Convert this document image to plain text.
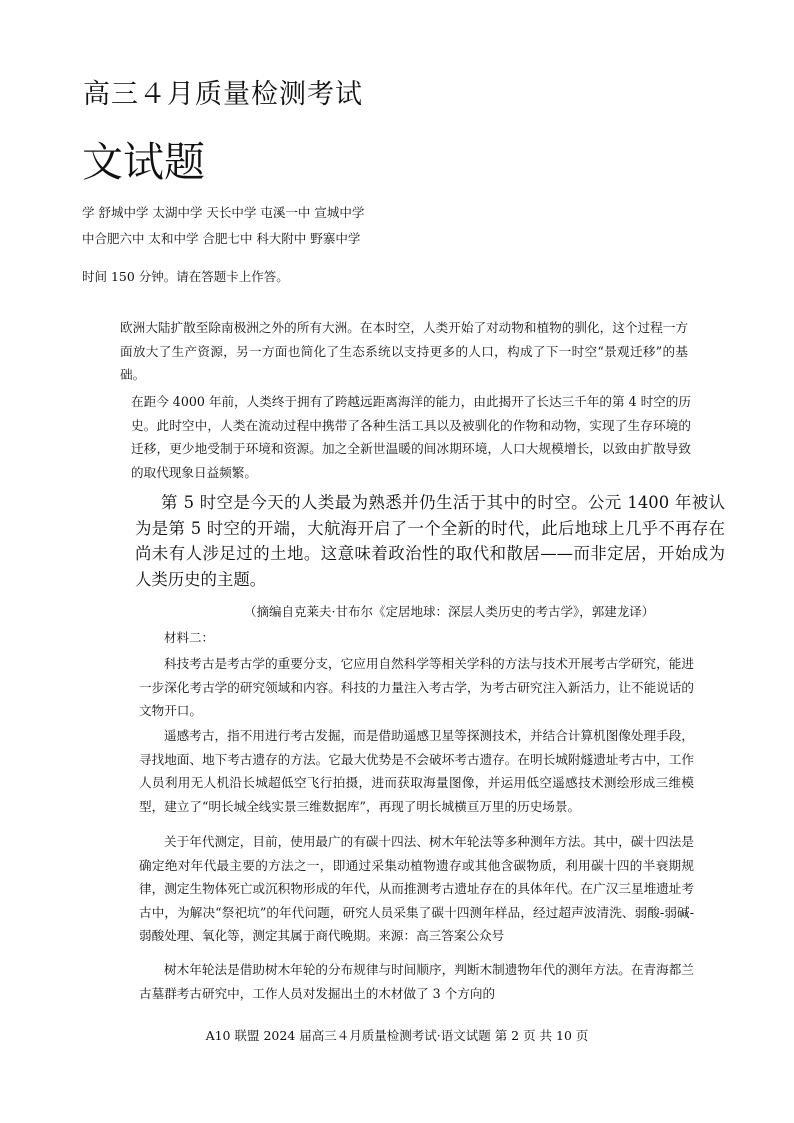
高三４月质量检测考试
文试题
学 舒城中学 太湖中学 天长中学 屯溪一中 宣城中学
中合肥六中 太和中学 合肥七中 科大附中 野寨中学
时间 150 分钟。请在答题卡上作答。
欧洲大陆扩散至除南极洲之外的所有大洲。在本时空，人类开始了对动物和植物的驯化，这个过程一方面放大了生产资源，另一方面也简化了生态系统以支持更多的人口，构成了下一时空“景观迁移”的基础。
在距今 4000 年前，人类终于拥有了跨越远距离海洋的能力，由此揭开了长达三千年的第 4 时空的历史。此时空中，人类在流动过程中携带了各种生活工具以及被驯化的作物和动物，实现了生存环境的迁移，更少地受制于环境和资源。加之全新世温暖的间冰期环境，人口大规模增长，以致由扩散导致的取代现象日益频繁。
第 5 时空是今天的人类最为熟悉并仍生活于其中的时空。公元 1400 年被认为是第 5 时空的开端，大航海开启了一个全新的时代，此后地球上几乎不再存在尚未有人涉足过的土地。这意味着政治性的取代和散居——而非定居，开始成为人类历史的主题。
（摘编自克莱夫·甘布尔《定居地球：深层人类历史的考古学》，郭建龙译）
材料二：
科技考古是考古学的重要分支，它应用自然科学等相关学科的方法与技术开展考古学研究，能进一步深化考古学的研究领域和内容。科技的力量注入考古学，为考古研究注入新活力，让不能说话的文物开口。
遥感考古，指不用进行考古发掘，而是借助遥感卫星等探测技术，并结合计算机图像处理手段，寻找地面、地下考古遗存的方法。它最大优势是不会破坏考古遗存。在明长城附燧遗址考古中，工作人员利用无人机沿长城超低空飞行拍摄，进而获取海量图像，并运用低空遥感技术测绘形成三维模型，建立了“明长城全线实景三维数据库”，再现了明长城横亘万里的历史场景。
关于年代测定，目前，使用最广的有碳十四法、树木年轮法等多种测年方法。其中，碳十四法是确定绝对年代最主要的方法之一，即通过采集动植物遗存或其他含碳物质，利用碳十四的半衰期规律，测定生物体死亡或沉积物形成的年代，从而推测考古遗址存在的具体年代。在广汉三星堆遗址考古中，为解决“祭祀坑”的年代问题，研究人员采集了碳十四测年样品，经过超声波清洗、弱酸-弱碱-弱酸处理、氧化等，测定其属于商代晚期。来源：高三答案公众号
树木年轮法是借助树木年轮的分布规律与时间顺序，判断木制遗物年代的测年方法。在青海都兰古墓群考古研究中，工作人员对发掘出土的木材做了 3 个方向的
A10 联盟 2024 届高三４月质量检测考试·语文试题 第 2 页 共 10 页
